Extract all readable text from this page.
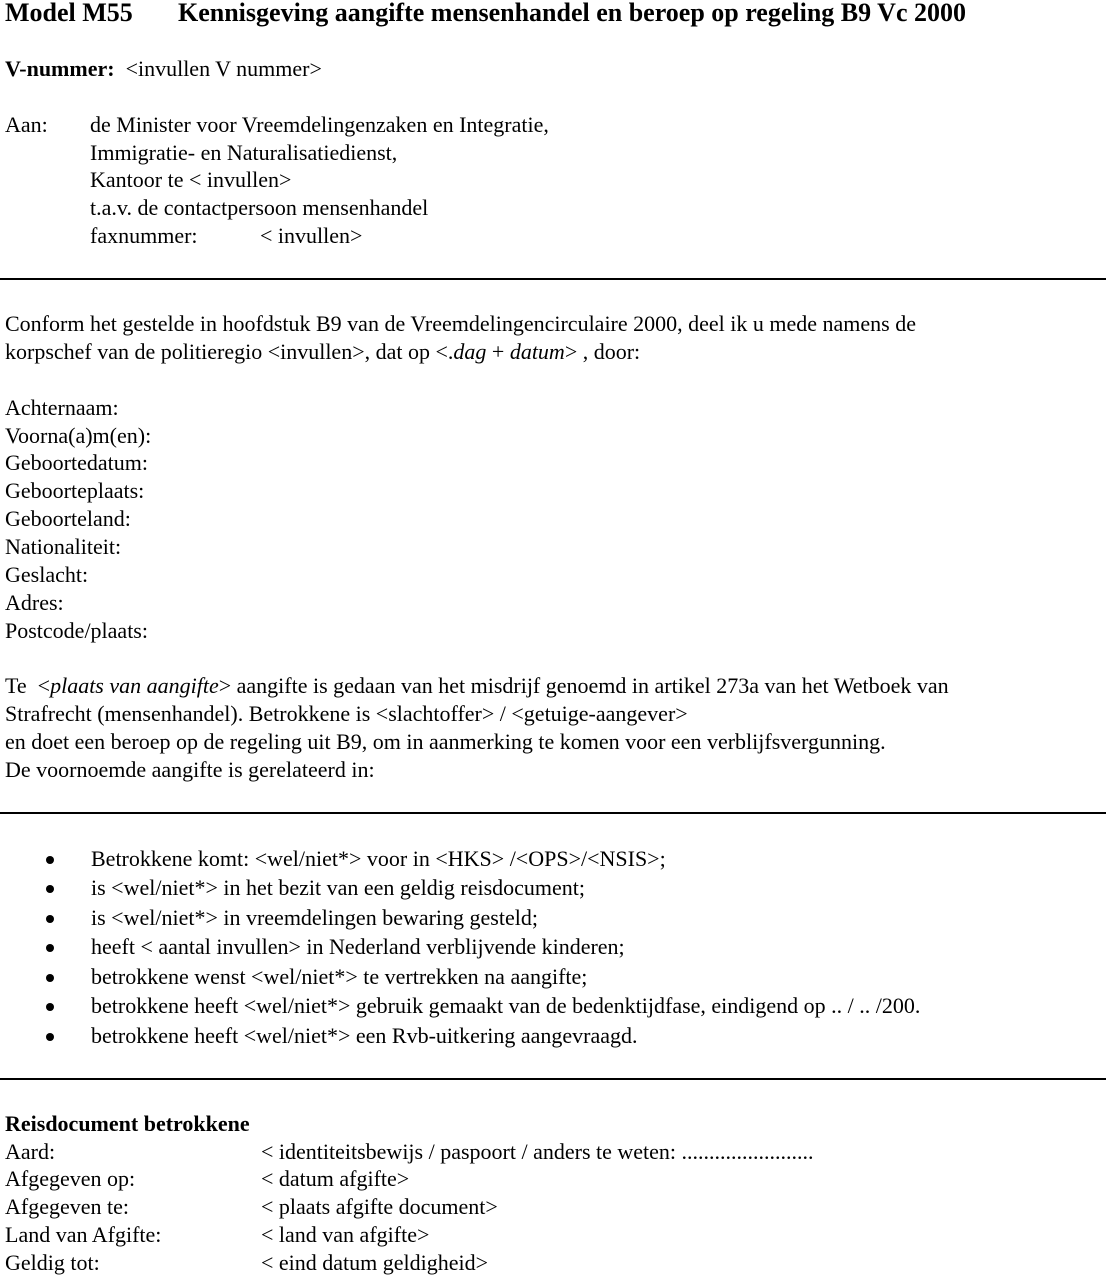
Model M55 Kennisgeving aangifte mensenhandel en beroep op regeling B9 Vc 2000
V-nummer: <invullen V nummer>
Aan: de Minister voor Vreemdelingenzaken en Integratie,
Immigratie- en Naturalisatiedienst,
Kantoor te < invullen>
t.a.v. de contactpersoon mensenhandel
faxnummer:	< invullen>
Conform het gestelde in hoofdstuk B9 van de Vreemdelingencirculaire 2000, deel ik u mede namens de
korpschef van de politieregio <invullen>, dat op <.dag + datum> , door:
Achternaam:
Voorna(a)m(en):
Geboortedatum:
Geboorteplaats:
Geboorteland:
Nationaliteit:
Geslacht:
Adres:
Postcode/plaats:
Te  <plaats van aangifte> aangifte is gedaan van het misdrijf genoemd in artikel 273a van het Wetboek van
Strafrecht (mensenhandel). Betrokkene is <slachtoffer> / <getuige-aangever>
en doet een beroep op de regeling uit B9, om in aanmerking te komen voor een verblijfsvergunning.
De voornoemde aangifte is gerelateerd in:
Betrokkene komt: <wel/niet*> voor in <HKS> /<OPS>/<NSIS>;
is <wel/niet*> in het bezit van een geldig reisdocument;
is <wel/niet*> in vreemdelingen bewaring gesteld;
heeft < aantal invullen> in Nederland verblijvende kinderen;
betrokkene wenst <wel/niet*> te vertrekken na aangifte;
betrokkene heeft <wel/niet*> gebruik gemaakt van de bedenktijdfase, eindigend op .. / .. /200.
betrokkene heeft <wel/niet*> een Rvb-uitkering aangevraagd.
Reisdocument betrokkene
Aard:	< identiteitsbewijs / paspoort / anders te weten: ........................
Afgegeven op:	< datum afgifte>
Afgegeven te:	< plaats afgifte document>
Land van Afgifte:	< land van afgifte>
Geldig tot:	< eind datum geldigheid>
